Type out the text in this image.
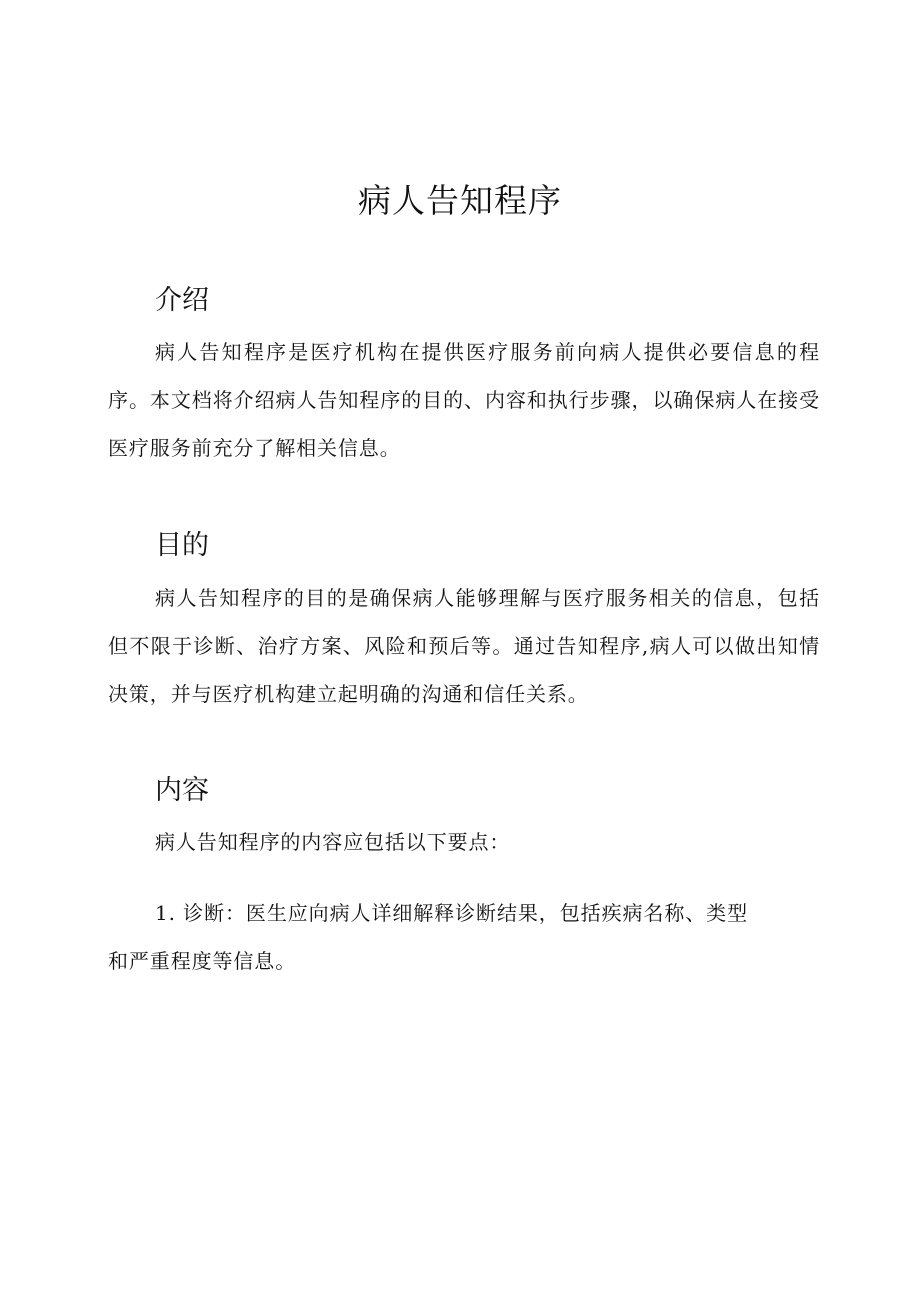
病人告知程序
介绍

病人告知程序是医疗机构在提供医疗服务前向病人提供必要信息的程序。本文档将介绍病人告知程序的目的、内容和执行步骤，以确保病人在接受医疗服务前充分了解相关信息。

目的

病人告知程序的目的是确保病人能够理解与医疗服务相关的信息，包括但不限于诊断、治疗方案、风险和预后等。通过告知程序,病人可以做出知情决策，并与医疗机构建立起明确的沟通和信任关系。

内容

病人告知程序的内容应包括以下要点：

1. 诊断：医生应向病人详细解释诊断结果，包括疾病名称、类型和严重程度等信息。
